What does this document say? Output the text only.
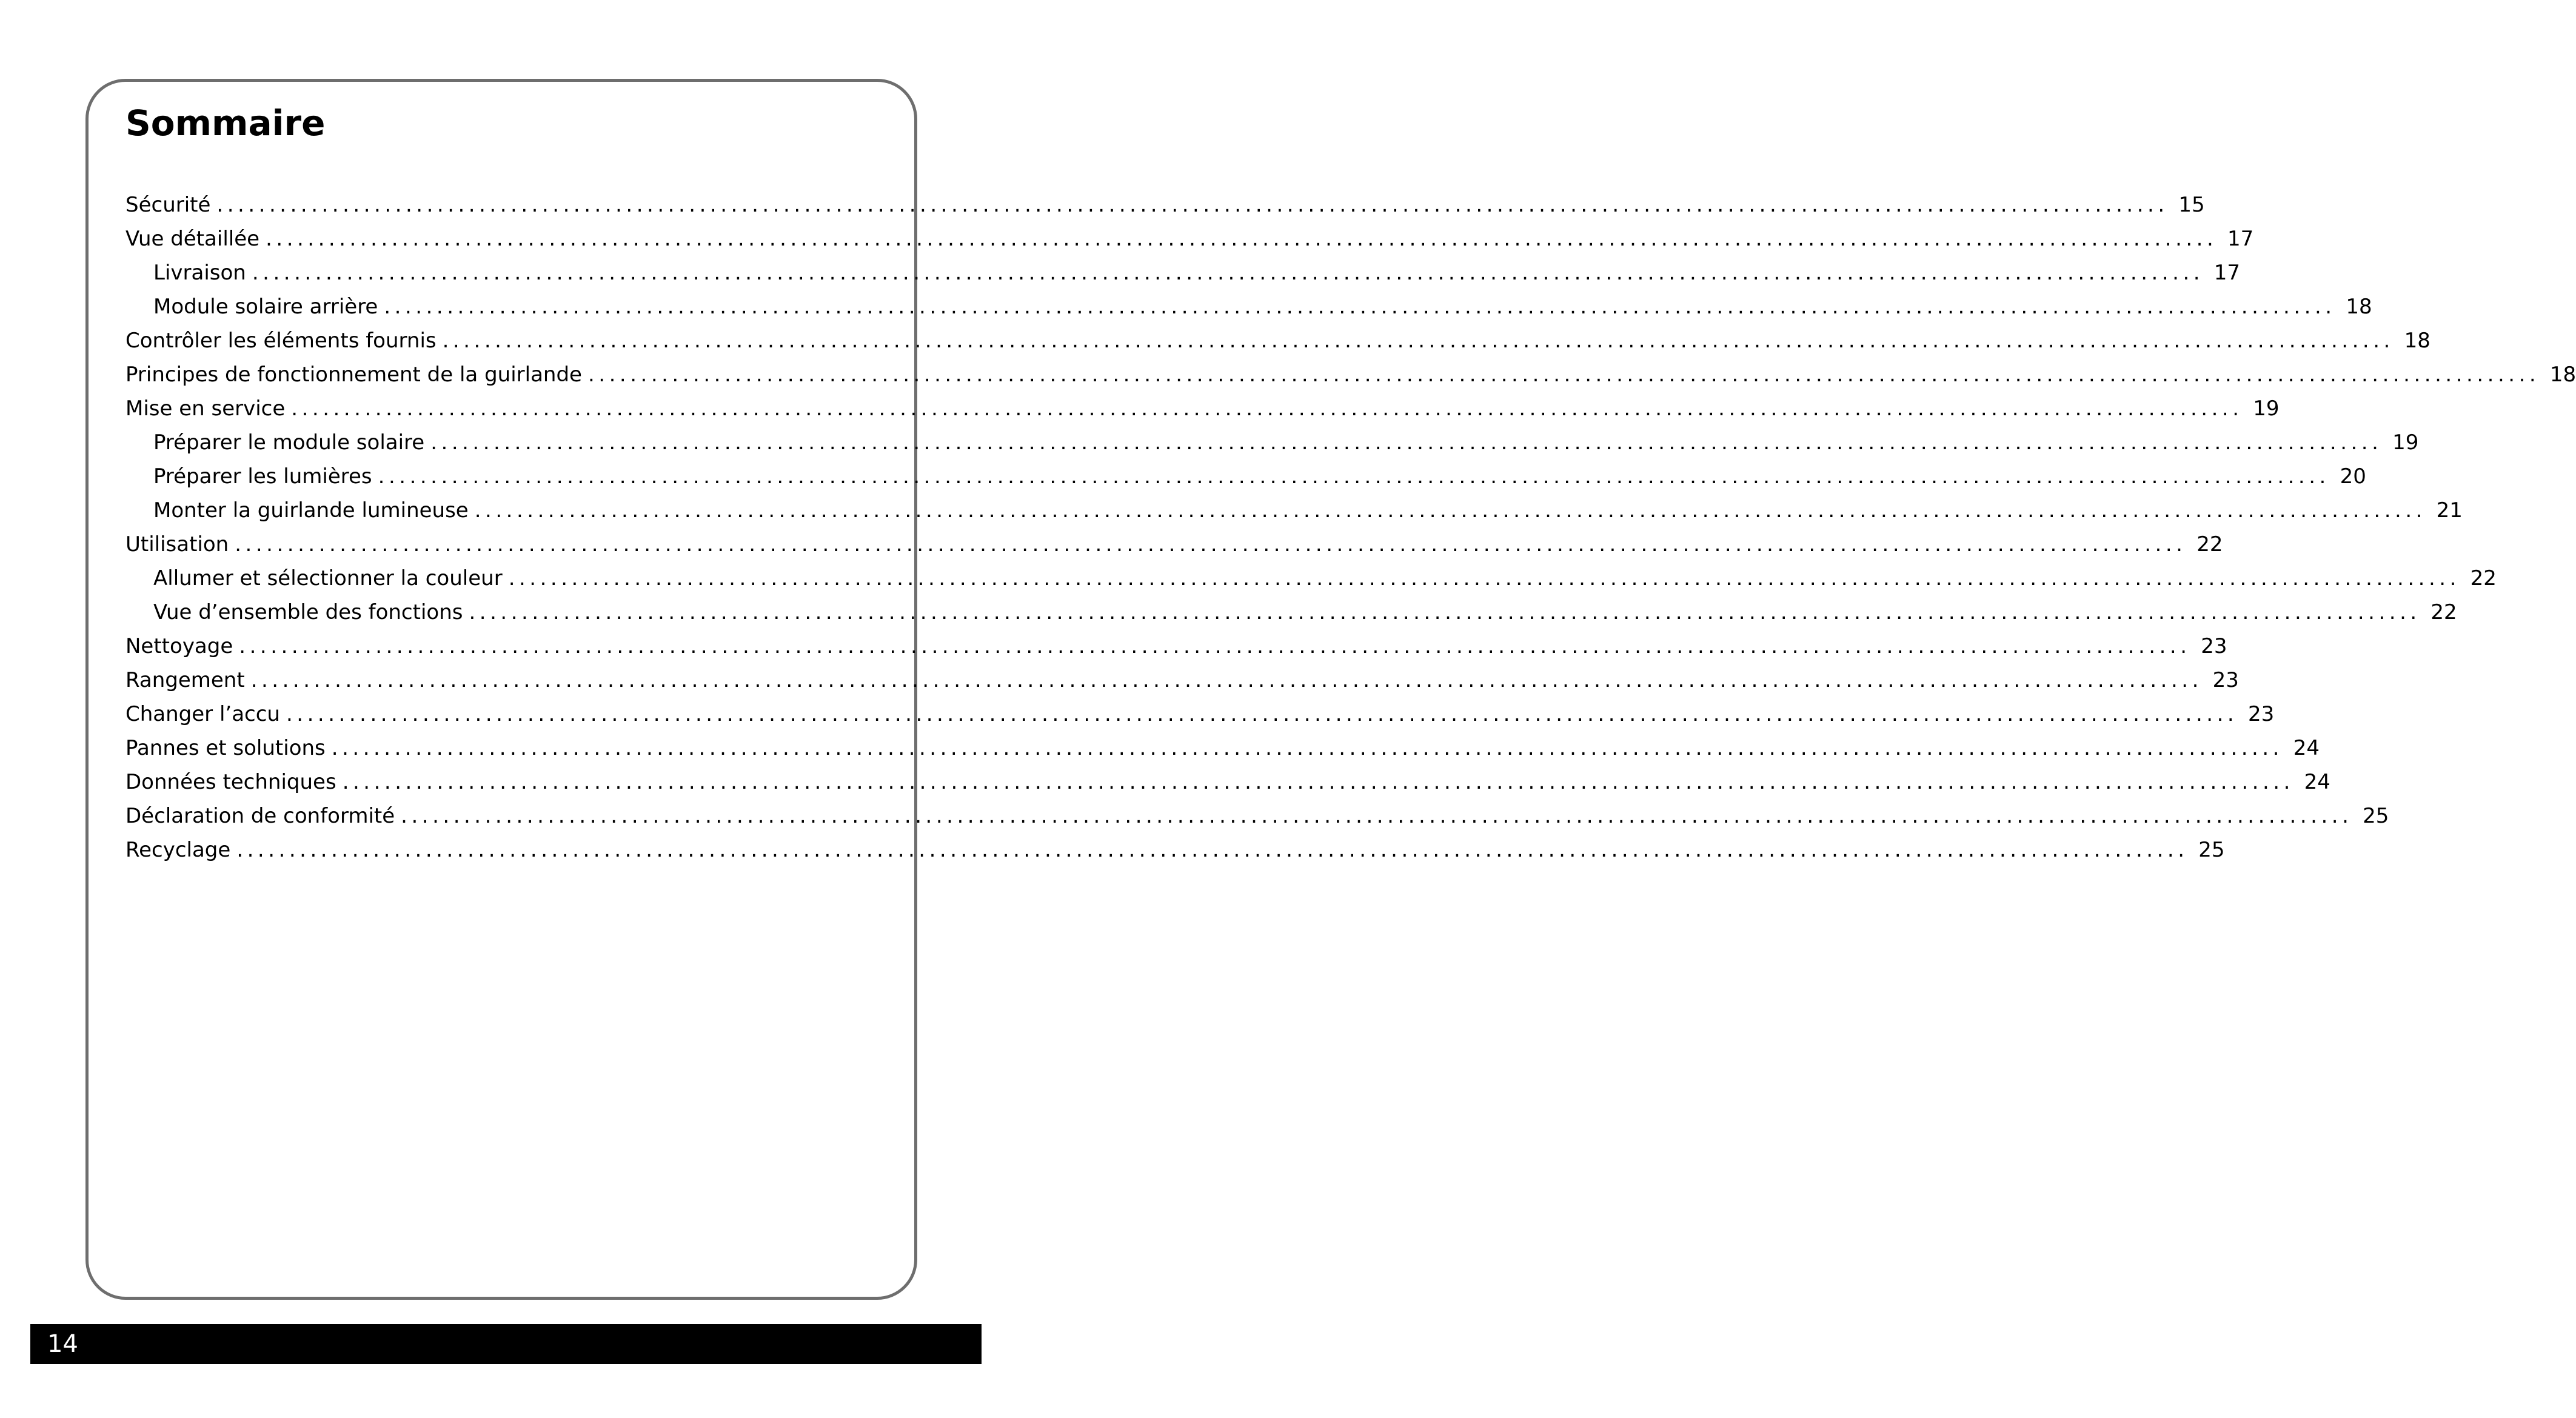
Sommaire
Sécurité .......................................................................................................................................................................................... 15
Vue détaillée .......................................................................................................................................................................................... 17
Livraison .......................................................................................................................................................................................... 17
Module solaire arrière .......................................................................................................................................................................................... 18
Contrôler les éléments fournis .......................................................................................................................................................................................... 18
Principes de fonctionnement de la guirlande .......................................................................................................................................................................................... 18
Mise en service .......................................................................................................................................................................................... 19
Préparer le module solaire .......................................................................................................................................................................................... 19
Préparer les lumières .......................................................................................................................................................................................... 20
Monter la guirlande lumineuse .......................................................................................................................................................................................... 21
Utilisation .......................................................................................................................................................................................... 22
Allumer et sélectionner la couleur .......................................................................................................................................................................................... 22
Vue d’ensemble des fonctions .......................................................................................................................................................................................... 22
Nettoyage .......................................................................................................................................................................................... 23
Rangement .......................................................................................................................................................................................... 23
Changer l’accu .......................................................................................................................................................................................... 23
Pannes et solutions .......................................................................................................................................................................................... 24
Données techniques .......................................................................................................................................................................................... 24
Déclaration de conformité .......................................................................................................................................................................................... 25
Recyclage .......................................................................................................................................................................................... 25
14
